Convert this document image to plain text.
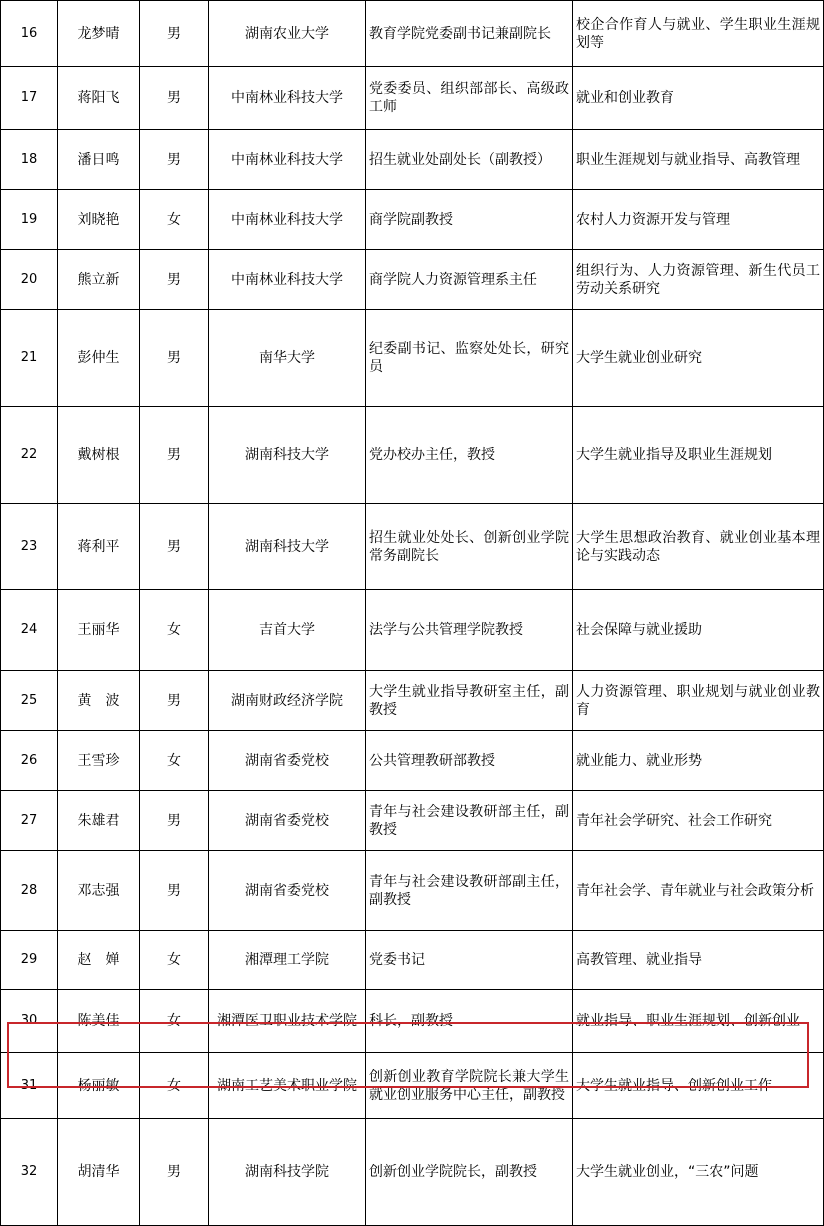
16	龙梦晴	男	湖南农业大学	教育学院党委副书记兼副院长	校企合作育人与就业、学生职业生涯规划等
17	蒋阳飞	男	中南林业科技大学	党委委员、组织部部长、高级政工师	就业和创业教育
18	潘日鸣	男	中南林业科技大学	招生就业处副处长（副教授）	职业生涯规划与就业指导、高教管理
19	刘晓艳	女	中南林业科技大学	商学院副教授	农村人力资源开发与管理
20	熊立新	男	中南林业科技大学	商学院人力资源管理系主任	组织行为、人力资源管理、新生代员工劳动关系研究
21	彭仲生	男	南华大学	纪委副书记、监察处处长，研究员	大学生就业创业研究
22	戴树根	男	湖南科技大学	党办校办主任，教授	大学生就业指导及职业生涯规划
23	蒋利平	男	湖南科技大学	招生就业处处长、创新创业学院常务副院长	大学生思想政治教育、就业创业基本理论与实践动态
24	王丽华	女	吉首大学	法学与公共管理学院教授	社会保障与就业援助
25	黄　波	男	湖南财政经济学院	大学生就业指导教研室主任，副教授	人力资源管理、职业规划与就业创业教育
26	王雪珍	女	湖南省委党校	公共管理教研部教授	就业能力、就业形势
27	朱雄君	男	湖南省委党校	青年与社会建设教研部主任，副教授	青年社会学研究、社会工作研究
28	邓志强	男	湖南省委党校	青年与社会建设教研部副主任，副教授	青年社会学、青年就业与社会政策分析
29	赵　婵	女	湘潭理工学院	党委书记	高教管理、就业指导
30	陈美佳	女	湘潭医卫职业技术学院	科长，副教授	就业指导、职业生涯规划、创新创业
31	杨丽敏	女	湖南工艺美术职业学院	创新创业教育学院院长兼大学生就业创业服务中心主任，副教授	大学生就业指导、创新创业工作
32	胡清华	男	湖南科技学院	创新创业学院院长，副教授	大学生就业创业，“三农”问题
